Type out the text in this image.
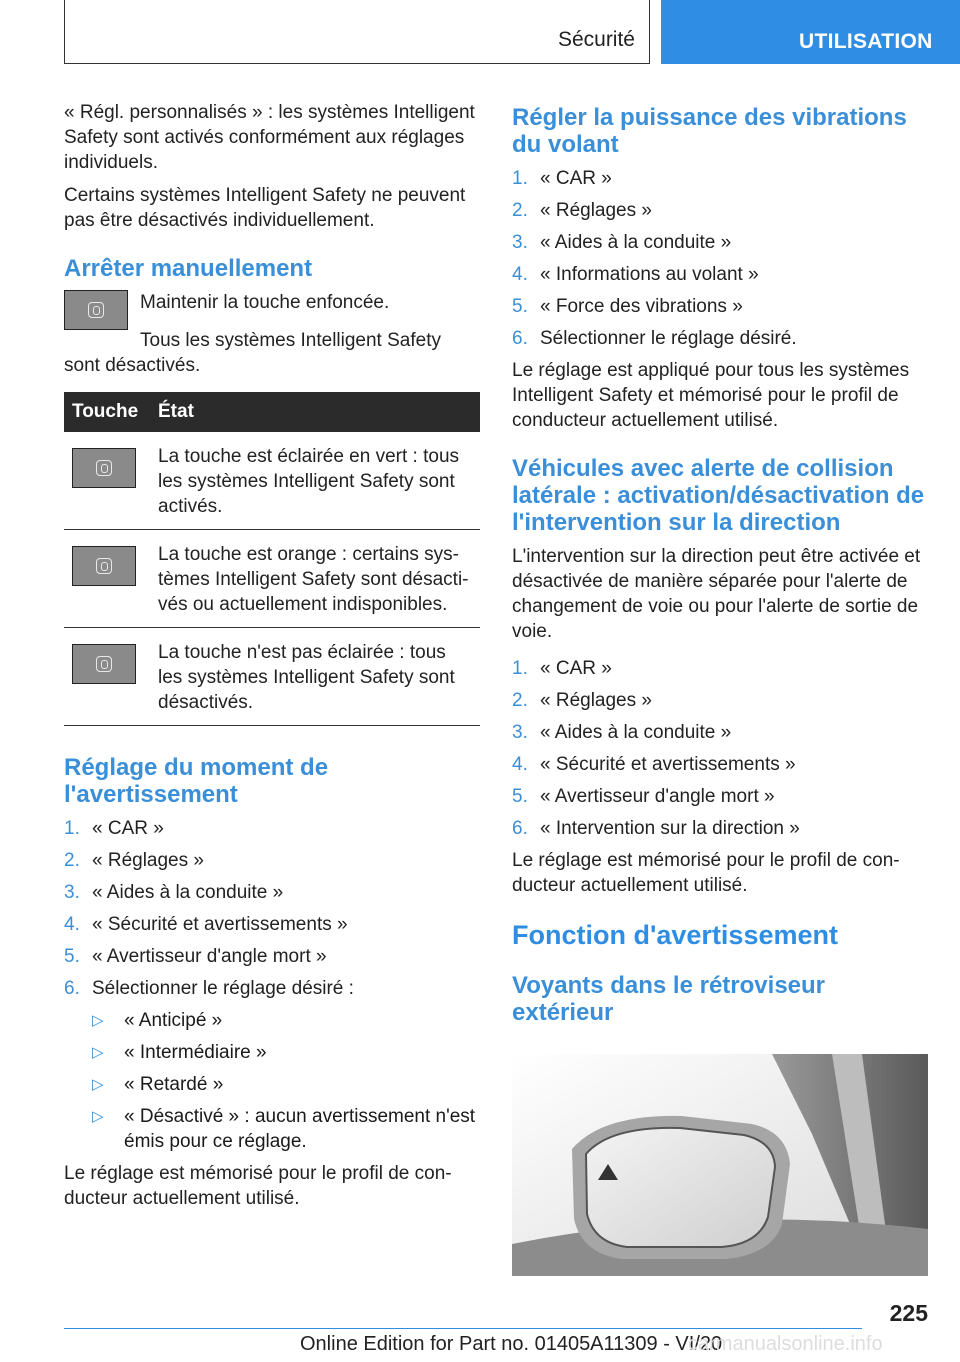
Sécurité	UTILISATION

« Régl. personnalisés » : les systèmes Intelligent Safety sont activés conformément aux réglages individuels.

Certains systèmes Intelligent Safety ne peuvent pas être désactivés individuellement.

Arrêter manuellement

Maintenir la touche enfoncée.

Tous les systèmes Intelligent Safety sont désactivés.

Touche	État

	La touche est éclairée en vert : tous les systèmes Intelligent Safety sont activés.

	La touche est orange : certains sys-tèmes Intelligent Safety sont désacti-vés ou actuellement indisponibles.

	La touche n'est pas éclairée : tous les systèmes Intelligent Safety sont désactivés.
Réglage du moment de l'avertissement
1. « CAR »
2. « Réglages »
3. « Aides à la conduite »
4. « Sécurité et avertissements »
5. « Avertisseur d'angle mort »
6. Sélectionner le réglage désiré :
▷	« Anticipé »
▷	« Intermédiaire »
▷	« Retardé »
▷	« Désactivé » : aucun avertissement n'est émis pour ce réglage.

Le réglage est mémorisé pour le profil de con-ducteur actuellement utilisé.

Régler la puissance des vibrations du volant
1. « CAR »
2. « Réglages »
3. « Aides à la conduite »
4. « Informations au volant »
5. « Force des vibrations »
6. Sélectionner le réglage désiré.

Le réglage est appliqué pour tous les systèmes Intelligent Safety et mémorisé pour le profil de conducteur actuellement utilisé.

Véhicules avec alerte de collision latérale : activation/désactivation de l'intervention sur la direction

L'intervention sur la direction peut être activée et désactivée de manière séparée pour l'alerte de changement de voie ou pour l'alerte de sortie de voie.

1. « CAR »
2. « Réglages »
3. « Aides à la conduite »
4. « Sécurité et avertissements »
5. « Avertisseur d'angle mort »
6. « Intervention sur la direction »

Le réglage est mémorisé pour le profil de con-ducteur actuellement utilisé.

Fonction d'avertissement
Voyants dans le rétroviseur extérieur
225
Online Edition for Part no. 01405A11309 - VI/20
carmanualsonline.info
